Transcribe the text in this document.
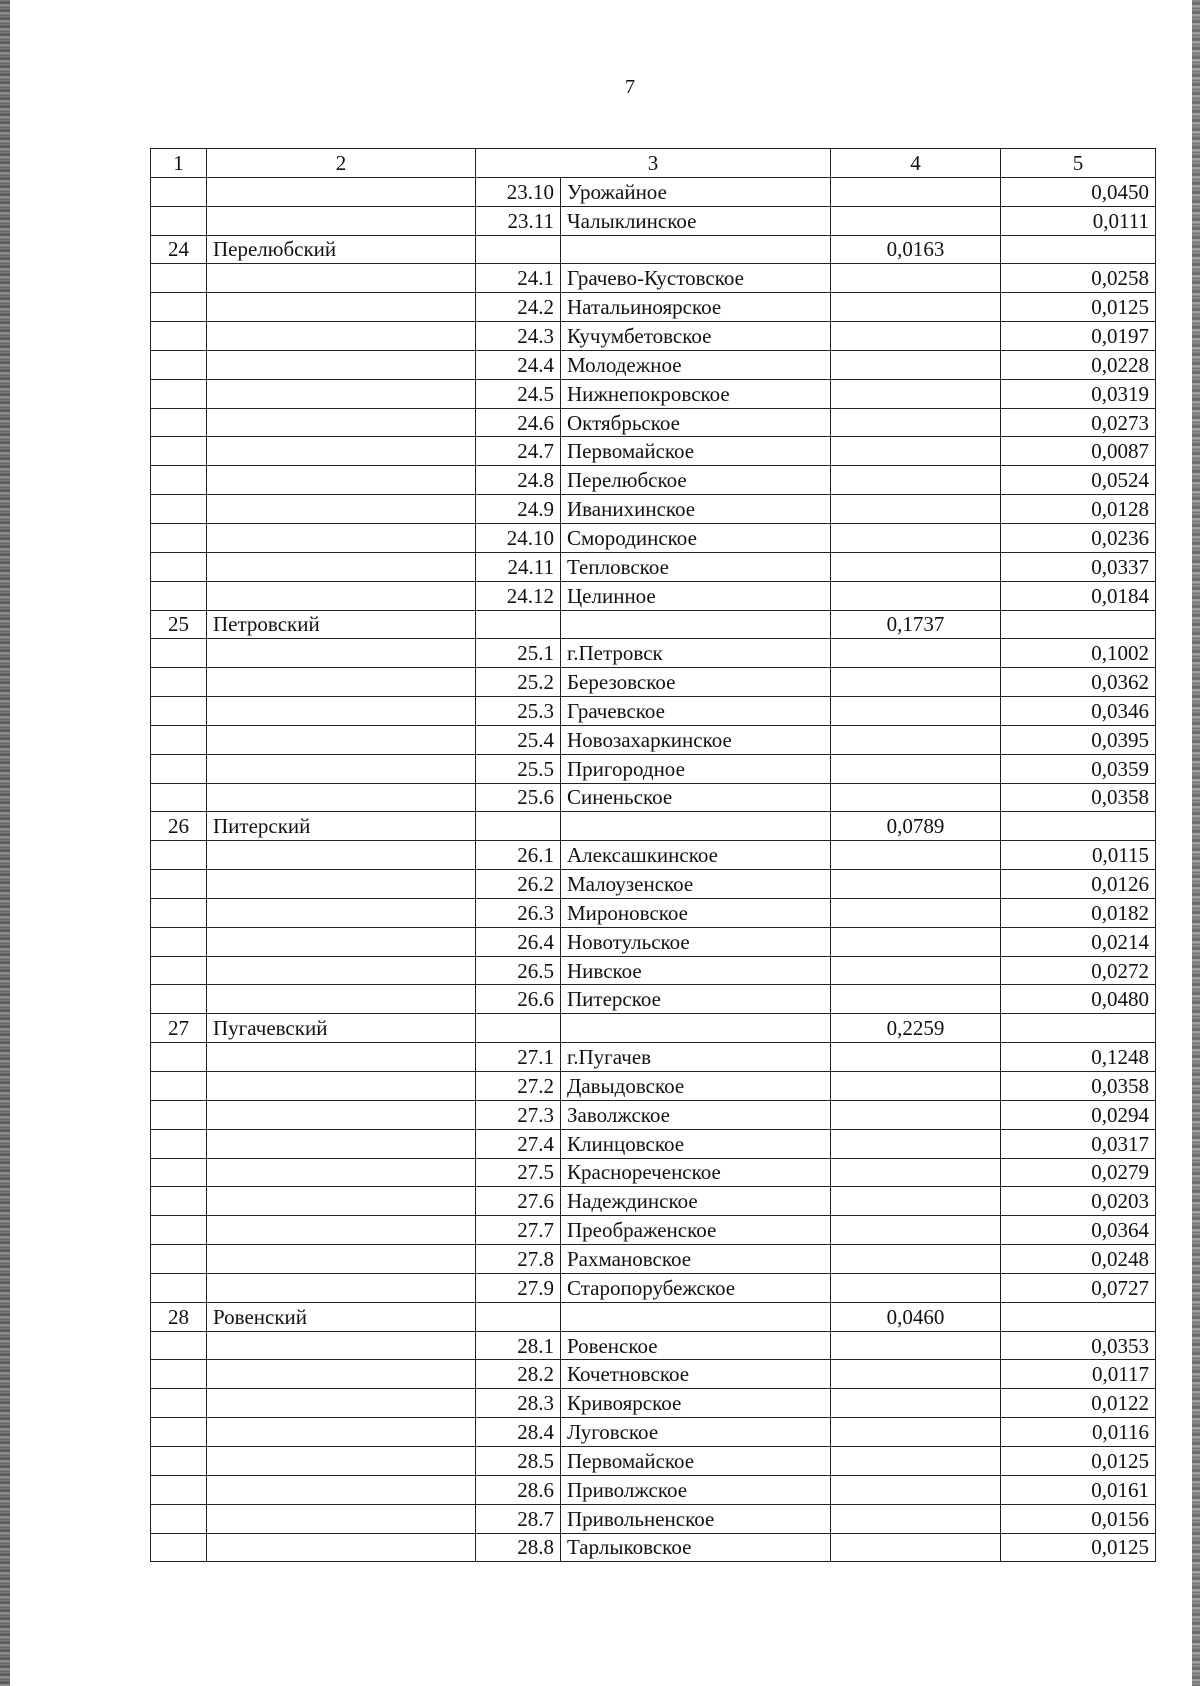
7
1	2	3		4	5
		23.10	Урожайное		0,0450
		23.11	Чалыклинское		0,0111
24	Перелюбский			0,0163	
		24.1	Грачево-Кустовское		0,0258
		24.2	Натальиноярское		0,0125
		24.3	Кучумбетовское		0,0197
		24.4	Молодежное		0,0228
		24.5	Нижнепокровское		0,0319
		24.6	Октябрьское		0,0273
		24.7	Первомайское		0,0087
		24.8	Перелюбское		0,0524
		24.9	Иванихинское		0,0128
		24.10	Смородинское		0,0236
		24.11	Тепловское		0,0337
		24.12	Целинное		0,0184
25	Петровский			0,1737	
		25.1	г.Петровск		0,1002
		25.2	Березовское		0,0362
		25.3	Грачевское		0,0346
		25.4	Новозахаркинское		0,0395
		25.5	Пригородное		0,0359
		25.6	Синеньское		0,0358
26	Питерский			0,0789	
		26.1	Алексашкинское		0,0115
		26.2	Малоузенское		0,0126
		26.3	Мироновское		0,0182
		26.4	Новотульское		0,0214
		26.5	Нивское		0,0272
		26.6	Питерское		0,0480
27	Пугачевский			0,2259	
		27.1	г.Пугачев		0,1248
		27.2	Давыдовское		0,0358
		27.3	Заволжское		0,0294
		27.4	Клинцовское		0,0317
		27.5	Краснореченское		0,0279
		27.6	Надеждинское		0,0203
		27.7	Преображенское		0,0364
		27.8	Рахмановское		0,0248
		27.9	Старопорубежское		0,0727
28	Ровенский			0,0460	
		28.1	Ровенское		0,0353
		28.2	Кочетновское		0,0117
		28.3	Кривоярское		0,0122
		28.4	Луговское		0,0116
		28.5	Первомайское		0,0125
		28.6	Приволжское		0,0161
		28.7	Привольненское		0,0156
		28.8	Тарлыковское		0,0125
